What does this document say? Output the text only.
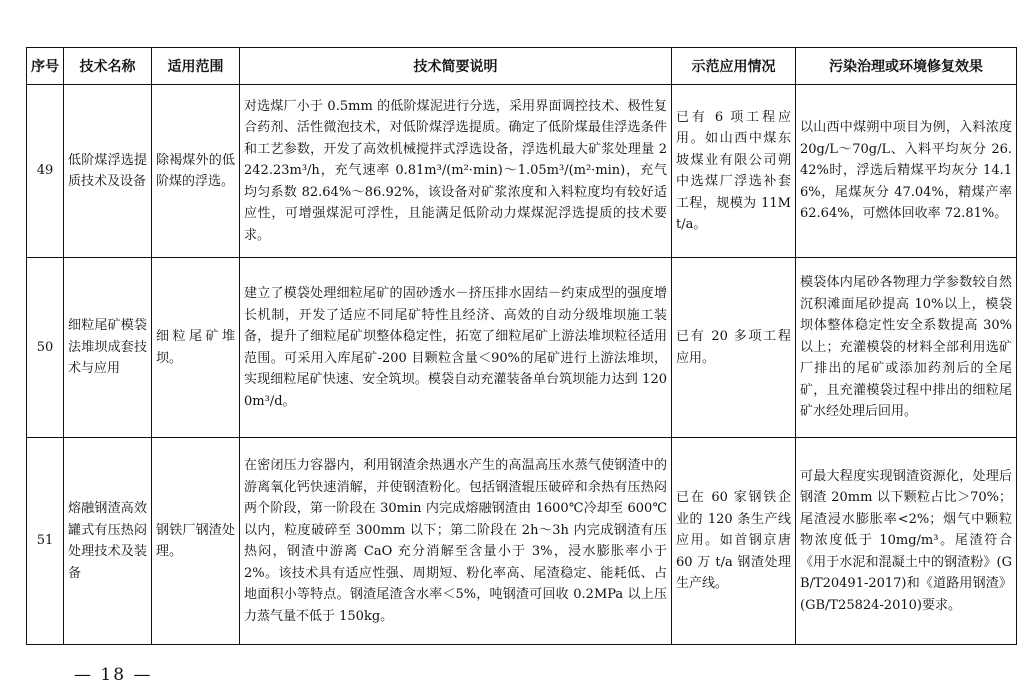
序号	技术名称	适用范围	技术简要说明	示范应用情况	污染治理或环境修复效果
49	低阶煤浮选提质技术及设备	除褐煤外的低阶煤的浮选。	对选煤厂小于 0.5mm 的低阶煤泥进行分选，采用界面调控技术、极性复合药剂、活性微泡技术，对低阶煤浮选提质。确定了低阶煤最佳浮选条件和工艺参数，开发了高效机械搅拌式浮选设备，浮选机最大矿浆处理量 2242.23m³/h，充气速率 0.81m³/(m²·min)～1.05m³/(m²·min)，充气均匀系数 82.64%～86.92%，该设备对矿浆浓度和入料粒度均有较好适应性，可增强煤泥可浮性，且能满足低阶动力煤煤泥浮选提质的技术要求。	已有 6 项工程应用。如山西中煤东坡煤业有限公司朔中选煤厂浮选补套工程，规模为 11Mt/a。	以山西中煤朔中项目为例，入料浓度 20g/L～70g/L、入料平均灰分 26.42%时，浮选后精煤平均灰分 14.16%，尾煤灰分 47.04%，精煤产率 62.64%，可燃体回收率 72.81%。
50	细粒尾矿模袋法堆坝成套技术与应用	细粒尾矿堆坝。	建立了模袋处理细粒尾矿的固砂透水－挤压排水固结－约束成型的强度增长机制，开发了适应不同尾矿特性且经济、高效的自动分级堆坝施工装备，提升了细粒尾矿坝整体稳定性，拓宽了细粒尾矿上游法堆坝粒径适用范围。可采用入库尾矿-200 目颗粒含量＜90%的尾矿进行上游法堆坝，实现细粒尾矿快速、安全筑坝。模袋自动充灌装备单台筑坝能力达到 1200m³/d。	已有 20 多项工程应用。	模袋体内尾砂各物理力学参数较自然沉积滩面尾砂提高 10%以上，模袋坝体整体稳定性安全系数提高 30%以上；充灌模袋的材料全部利用选矿厂排出的尾矿或添加药剂后的全尾矿，且充灌模袋过程中排出的细粒尾矿水经处理后回用。
51	熔融钢渣高效罐式有压热闷处理技术及装备	钢铁厂钢渣处理。	在密闭压力容器内，利用钢渣余热遇水产生的高温高压水蒸气使钢渣中的游离氧化钙快速消解，并使钢渣粉化。包括钢渣辊压破碎和余热有压热闷两个阶段，第一阶段在 30min 内完成熔融钢渣由 1600℃冷却至 600℃以内，粒度破碎至 300mm 以下；第二阶段在 2h～3h 内完成钢渣有压热闷，钢渣中游离 CaO 充分消解至含量小于 3%，浸水膨胀率小于 2%。该技术具有适应性强、周期短、粉化率高、尾渣稳定、能耗低、占地面积小等特点。钢渣尾渣含水率＜5%，吨钢渣可回收 0.2MPa 以上压力蒸气量不低于 150kg。	已在 60 家钢铁企业的 120 条生产线应用。如首钢京唐 60 万 t/a 钢渣处理生产线。	可最大程度实现钢渣资源化，处理后钢渣 20mm 以下颗粒占比＞70%；尾渣浸水膨胀率<2%；烟气中颗粒物浓度低于 10mg/m³。尾渣符合《用于水泥和混凝土中的钢渣粉》(GB/T20491-2017)和《道路用钢渣》(GB/T25824-2010)要求。
— 18 —
